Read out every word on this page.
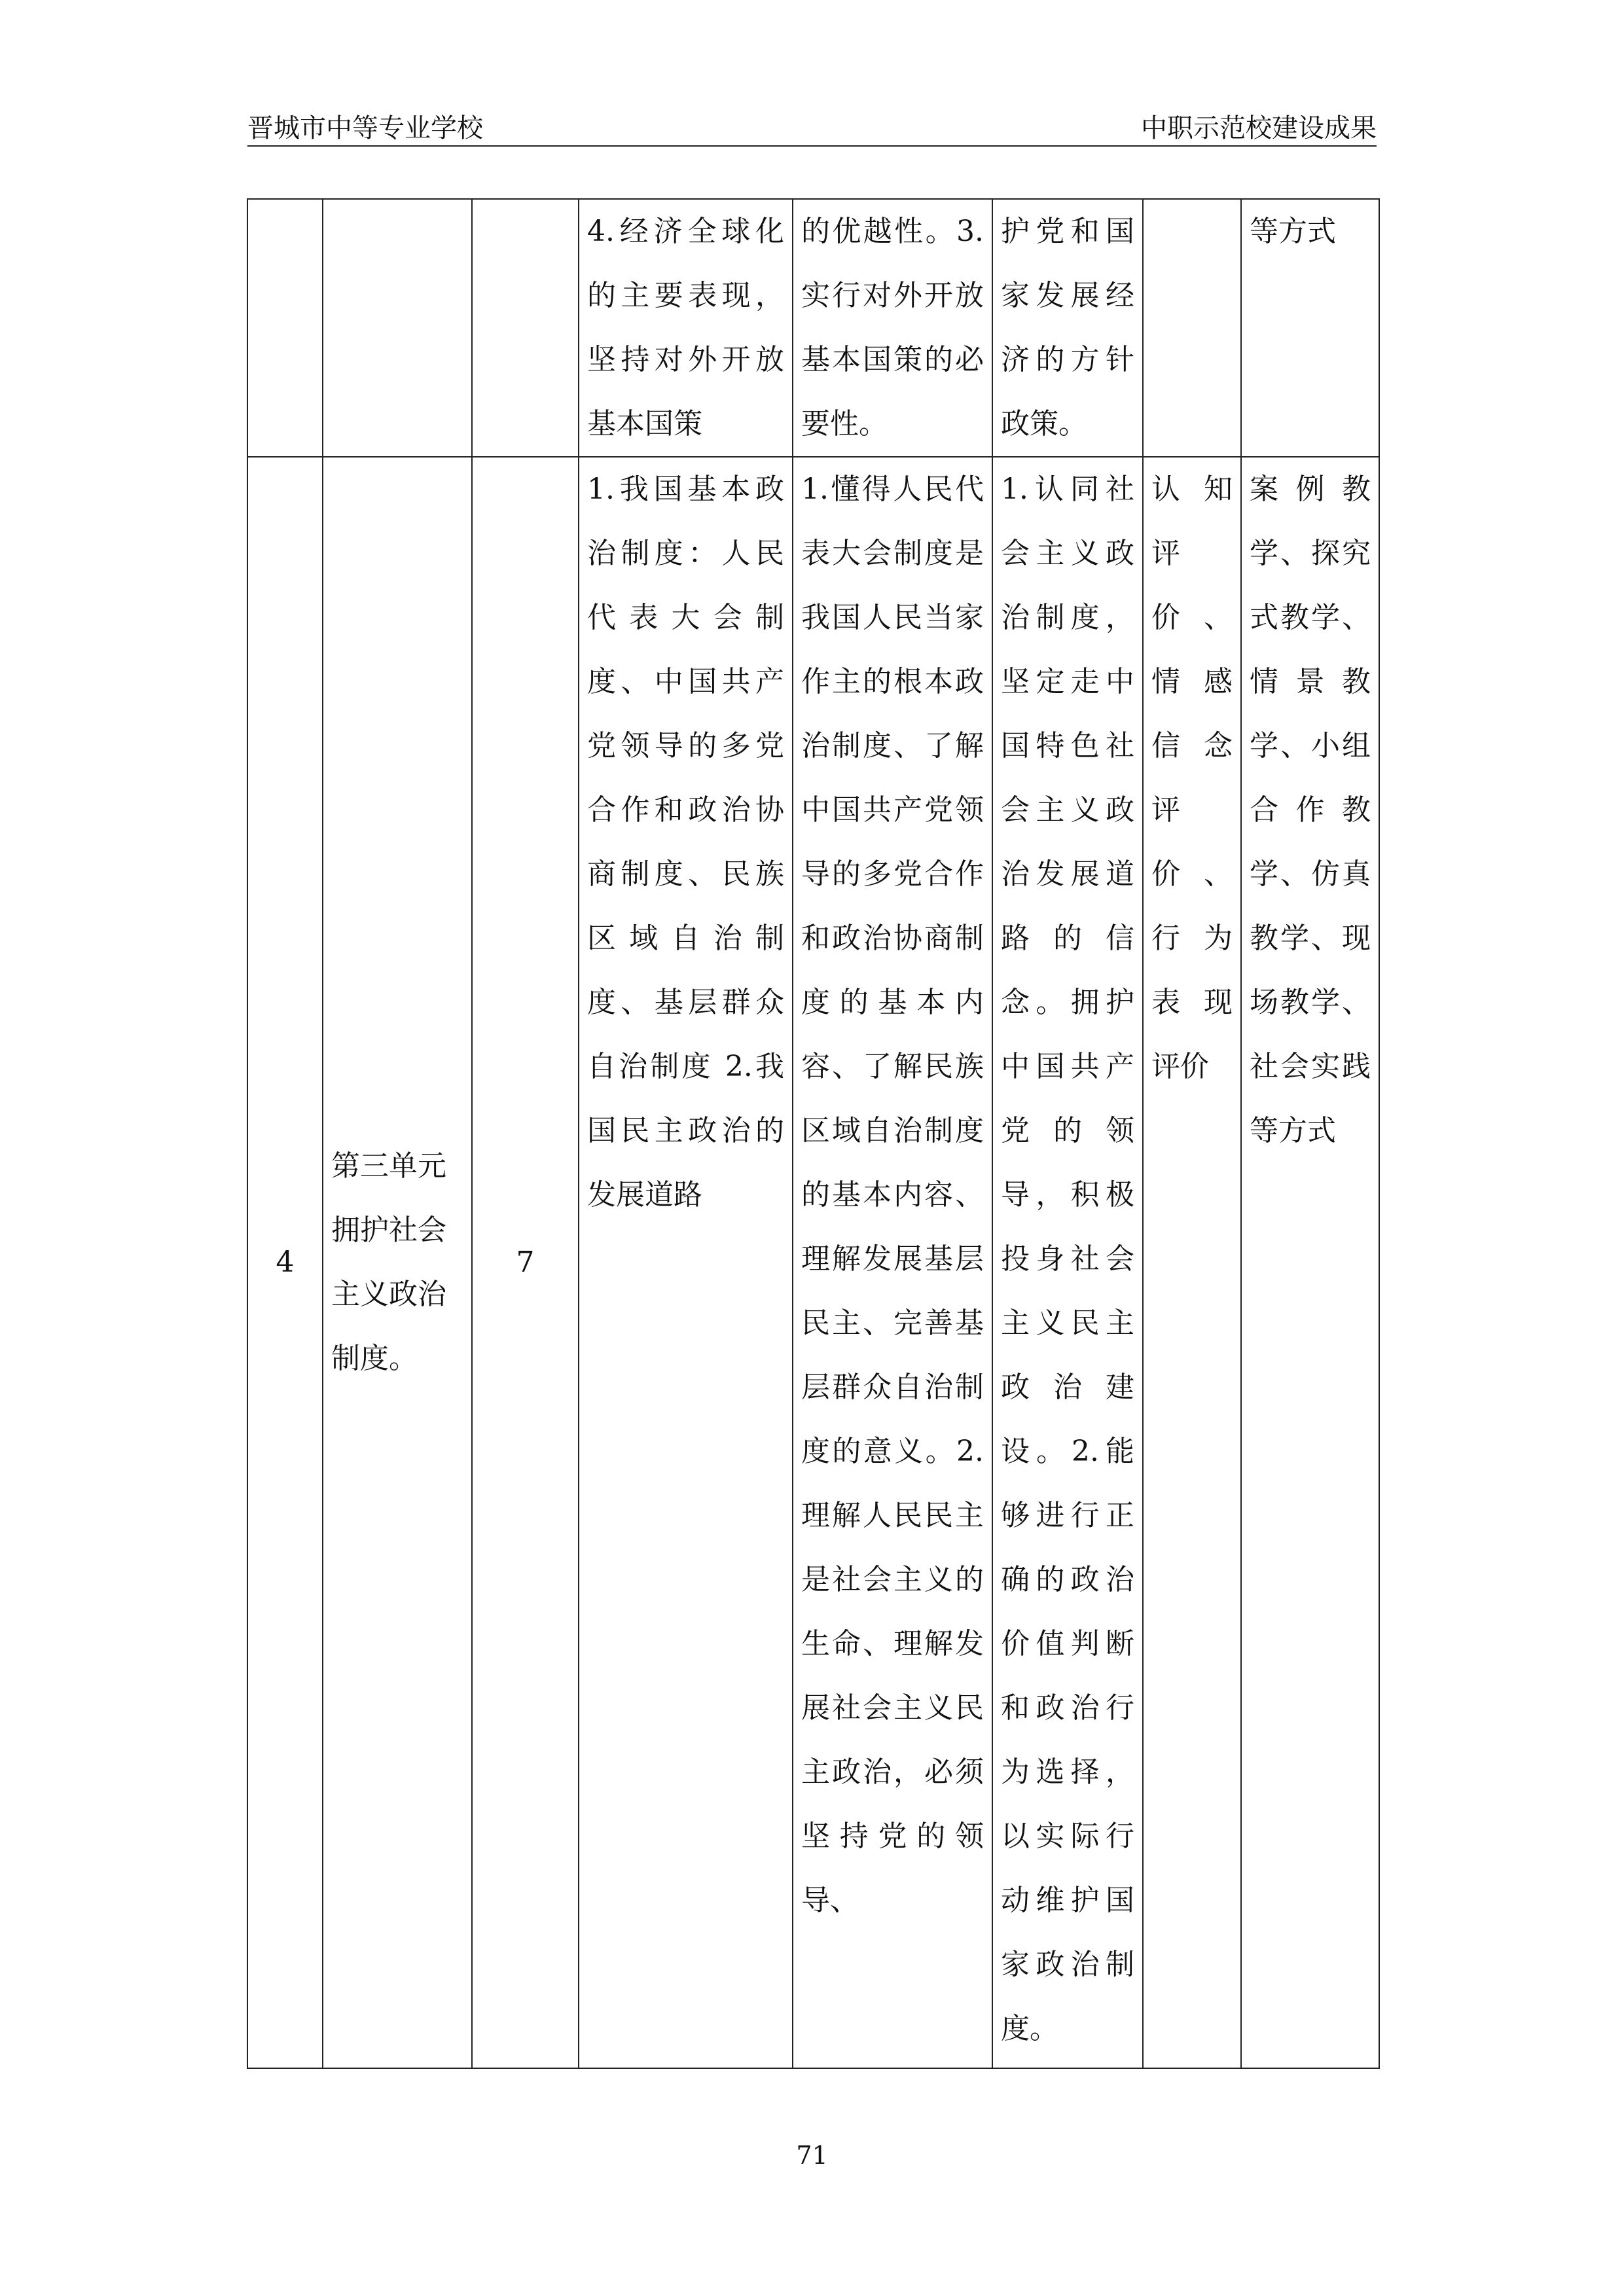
晋城市中等专业学校	中职示范校建设成果
			4.经济全球化的主要表现，坚持对外开放基本国策	的优越性。3.实行对外开放基本国策的必要性。	护党和国家发展经济的方针政策。		等方式
4	第三单元拥护社会主义政治制度。	7	1.我国基本政治制度：人民代表大会制度、中国共产党领导的多党合作和政治协商制度、民族区域自治制度、基层群众自治制度 2.我国民主政治的发展道路	1.懂得人民代表大会制度是我国人民当家作主的根本政治制度、了解中国共产党领导的多党合作和政治协商制度的基本内容、了解民族区域自治制度的基本内容、理解发展基层民主、完善基层群众自治制度的意义。2.理解人民民主是社会主义的生命、理解发展社会主义民主政治，必须坚持党的领导、	1.认同社会主义政治制度，坚定走中国特色社会主义政治发展道路的信念。拥护中国共产党的领导，积极投身社会主义民主政治建设。2.能够进行正确的政治价值判断和政治行为选择，以实际行动维护国家政治制度。	认知评价、情感信念评价、行为表现评价	案例教学、探究式教学、情景教学、小组合作教学、仿真教学、现场教学、社会实践等方式
71
